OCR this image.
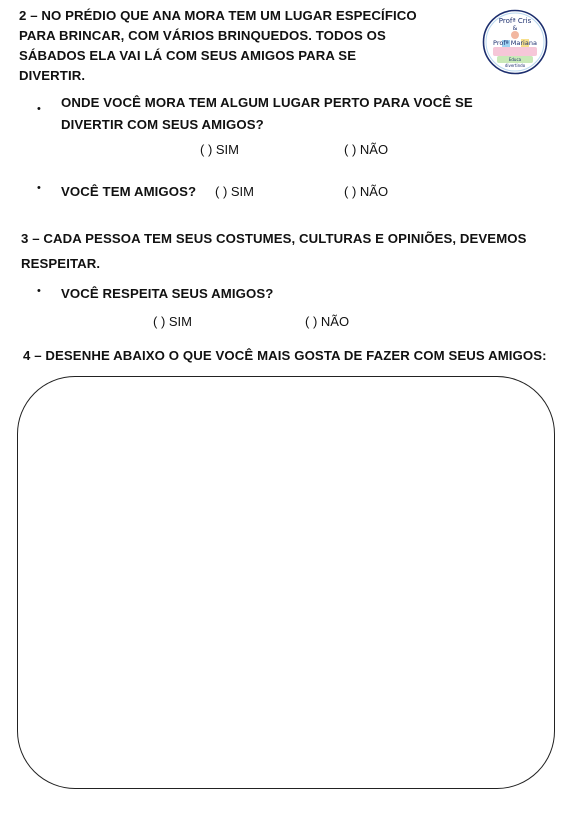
2 – NO PRÉDIO QUE ANA MORA TEM UM LUGAR ESPECÍFICO
PARA BRINCAR, COM VÁRIOS BRINQUEDOS. TODOS OS
SÁBADOS ELA VAI LÁ COM SEUS AMIGOS PARA SE
DIVERTIR.
Profª Cris
&
Profª Mariana
Educa
divertindo
• ONDE VOCÊ MORA TEM ALGUM LUGAR PERTO PARA VOCÊ SE
DIVERTIR COM SEUS AMIGOS?
( ) SIM	( ) NÃO
• VOCÊ TEM AMIGOS? ( ) SIM	( ) NÃO
3 – CADA PESSOA TEM SEUS COSTUMES, CULTURAS E OPINIÕES, DEVEMOS
RESPEITAR.
• VOCÊ RESPEITA SEUS AMIGOS?
( ) SIM	( ) NÃO
4 – DESENHE ABAIXO O QUE VOCÊ MAIS GOSTA DE FAZER COM SEUS AMIGOS:
